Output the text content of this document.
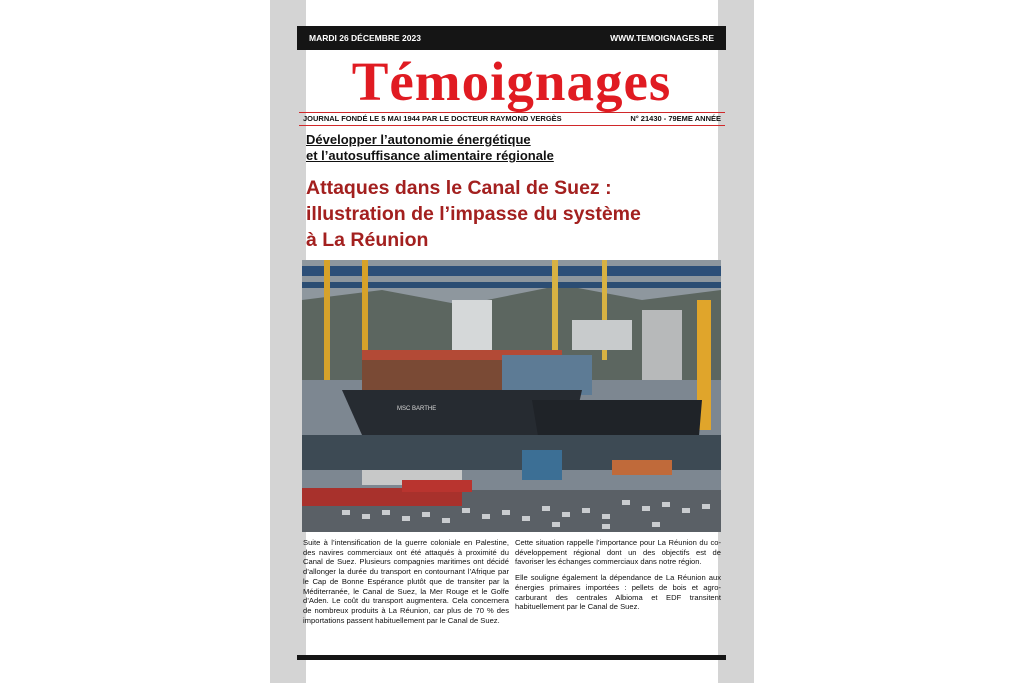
MARDI 26 DÉCEMBRE 2023	WWW.TEMOIGNAGES.RE
Témoignages
JOURNAL FONDÉ LE 5 MAI 1944 PAR LE DOCTEUR RAYMOND VERGÈS	N° 21430 - 79EME ANNÉE
Développer l’autonomie énergétique
et l’autosuffisance alimentaire régionale
Attaques dans le Canal de Suez :
illustration de l’impasse du système
à La Réunion
MSC BARTHE

Suite à l’intensification de la guerre coloniale en Palestine, des navires commerciaux ont été attaqués à proximité du Canal de Suez. Plusieurs compagnies maritimes ont décidé d’allonger la durée du transport en contournant l’Afrique par le Cap de Bonne Espérance plutôt que de transiter par la Méditerranée, le Canal de Suez, la Mer Rouge et le Golfe d’Aden. Le coût du transport augmentera. Cela concernera de nombreux produits à La Réunion, car plus de 70 % des importations passent habituellement par le Canal de Suez.

Cette situation rappelle l’importance pour La Réunion du co-développement régional dont un des objectifs est de favoriser les échanges commerciaux dans notre région.

Elle souligne également la dépendance de La Réunion aux énergies primaires importées : pellets de bois et agro-carburant des centrales Albioma et EDF transitent habituellement par le Canal de Suez.
